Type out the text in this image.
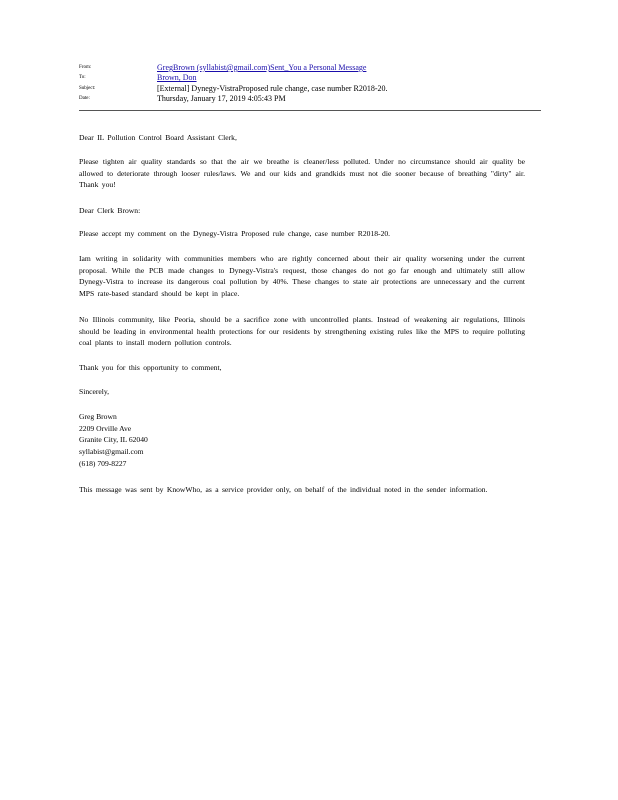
From:	GregBrown (syllabist@gmail.com)Sent_You a Personal Message
To:	Brown, Don
Subject:	[External] Dynegy-VistraProposed rule change, case number R2018-20.
Date:	Thursday, January 17, 2019 4:05:43 PM
Dear IL Pollution Control Board Assistant Clerk,
Please tighten air quality standards so that the air we breathe is cleaner/less polluted. Under no circumstance should air quality be allowed to deteriorate through looser rules/laws. We and our kids and grandkids must not die sooner because of breathing "dirty" air. Thank you!
Dear Clerk Brown:
Please accept my comment on the Dynegy-Vistra Proposed rule change, case number R2018-20.
Iam writing in solidarity with communities members who are rightly concerned about their air quality worsening under the current proposal. While the PCB made changes to Dynegy-Vistra's request, those changes do not go far enough and ultimately still allow Dynegy-Vistra to increase its dangerous coal pollution by 40%. These changes to state air protections are unnecessary and the current MPS rate-based standard should be kept in place.
No Illinois community, like Peoria, should be a sacrifice zone with uncontrolled plants. Instead of weakening air regulations, Illinois should be leading in environmental health protections for our residents by strengthening existing rules like the MPS to require polluting coal plants to install modern pollution controls.
Thank you for this opportunity to comment,
Sincerely,
Greg Brown
2209 Orville Ave
Granite City, IL 62040
syllabist@gmail.com
(618) 709-8227
This message was sent by KnowWho, as a service provider only, on behalf of the individual noted in the sender information.
